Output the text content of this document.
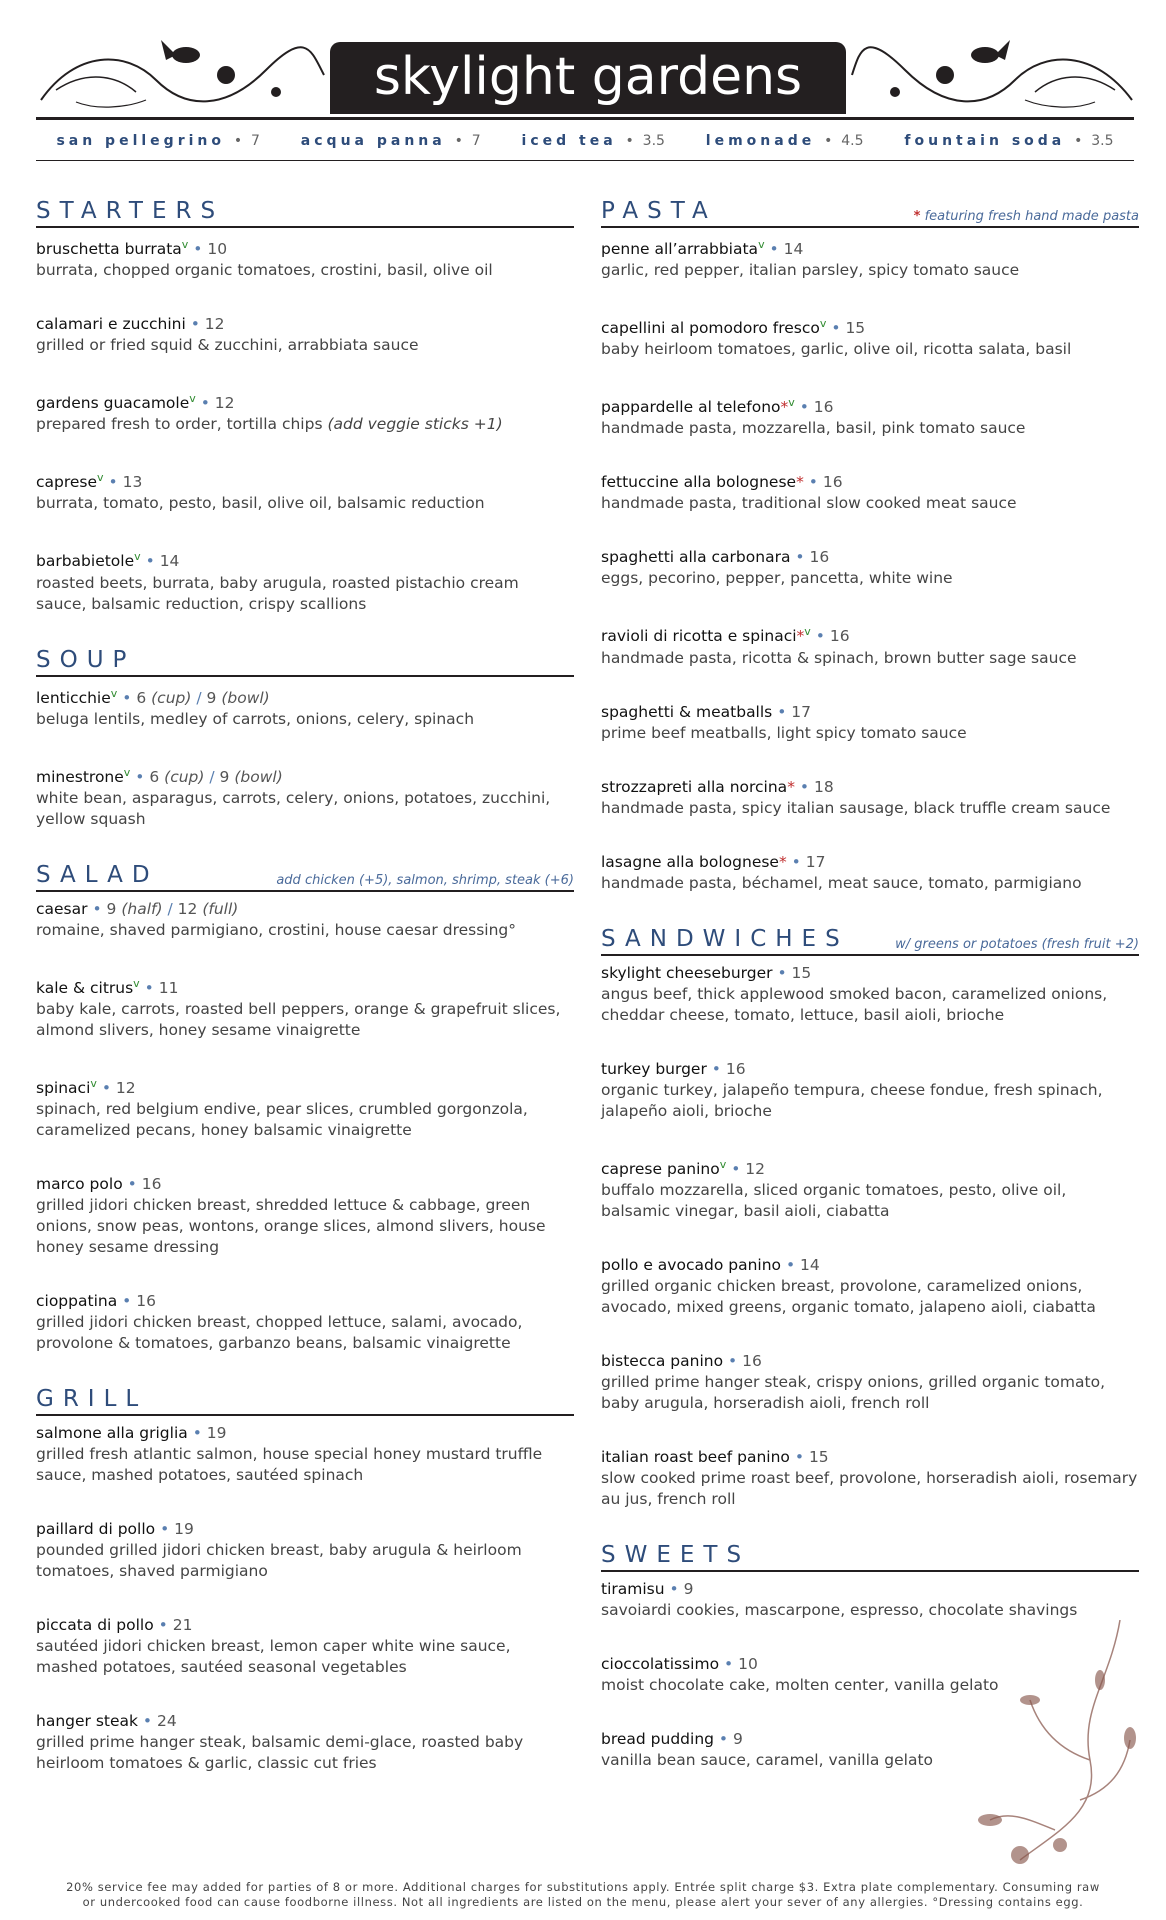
skylight gardens
san pellegrino • 7	acqua panna • 7	iced tea • 3.5	lemonade • 4.5	fountain soda • 3.5
STARTERS
bruschetta burrata$^v$ • 10
burrata, chopped organic tomatoes, crostini, basil, olive oil
calamari e zucchini • 12
grilled or fried squid & zucchini, arrabbiata sauce
gardens guacamole$^v$ • 12
prepared fresh to order, tortilla chips (add veggie sticks +1)
caprese$^v$ • 13
burrata, tomato, pesto, basil, olive oil, balsamic reduction
barbabietole$^v$ • 14
roasted beets, burrata, baby arugula, roasted pistachio cream sauce, balsamic reduction, crispy scallions
SOUP
lenticchie$^v$ • 6 (cup) / 9 (bowl)
beluga lentils, medley of carrots, onions, celery, spinach
minestrone$^v$ • 6 (cup) / 9 (bowl)
white bean, asparagus, carrots, celery, onions, potatoes, zucchini, yellow squash
SALAD	add chicken (+5), salmon, shrimp, steak (+6)
caesar • 9 (half) / 12 (full)
romaine, shaved parmigiano, crostini, house caesar dressing°
kale & citrus$^v$ • 11
baby kale, carrots, roasted bell peppers, orange & grapefruit slices, almond slivers, honey sesame vinaigrette
spinaci$^v$ • 12
spinach, red belgium endive, pear slices, crumbled gorgonzola, caramelized pecans, honey balsamic vinaigrette
marco polo • 16
grilled jidori chicken breast, shredded lettuce & cabbage, green onions, snow peas, wontons, orange slices, almond slivers, house honey sesame dressing
cioppatina • 16
grilled jidori chicken breast, chopped lettuce, salami, avocado, provolone & tomatoes, garbanzo beans, balsamic vinaigrette
GRILL
salmone alla griglia • 19
grilled fresh atlantic salmon, house special honey mustard truffle sauce, mashed potatoes, sautéed spinach
paillard di pollo • 19
pounded grilled jidori chicken breast, baby arugula & heirloom tomatoes, shaved parmigiano
piccata di pollo • 21
sautéed jidori chicken breast, lemon caper white wine sauce, mashed potatoes, sautéed seasonal vegetables
hanger steak • 24
grilled prime hanger steak, balsamic demi-glace, roasted baby heirloom tomatoes & garlic, classic cut fries
PASTA	* featuring fresh hand made pasta
penne all’arrabbiata$^v$ • 14
garlic, red pepper, italian parsley, spicy tomato sauce
capellini al pomodoro fresco$^v$ • 15
baby heirloom tomatoes, garlic, olive oil, ricotta salata, basil
pappardelle al telefono*$^v$ • 16
handmade pasta, mozzarella, basil, pink tomato sauce
fettuccine alla bolognese* • 16
handmade pasta, traditional slow cooked meat sauce
spaghetti alla carbonara • 16
eggs, pecorino, pepper, pancetta, white wine
ravioli di ricotta e spinaci*$^v$ • 16
handmade pasta, ricotta & spinach, brown butter sage sauce
spaghetti & meatballs • 17
prime beef meatballs, light spicy tomato sauce
strozzapreti alla norcina* • 18
handmade pasta, spicy italian sausage, black truffle cream sauce
lasagne alla bolognese* • 17
handmade pasta, béchamel, meat sauce, tomato, parmigiano
SANDWICHES	w/ greens or potatoes (fresh fruit +2)
skylight cheeseburger • 15
angus beef, thick applewood smoked bacon, caramelized onions, cheddar cheese, tomato, lettuce, basil aioli, brioche
turkey burger • 16
organic turkey, jalapeño tempura, cheese fondue, fresh spinach, jalapeño aioli, brioche
caprese panino$^v$ • 12
buffalo mozzarella, sliced organic tomatoes, pesto, olive oil, balsamic vinegar, basil aioli, ciabatta
pollo e avocado panino • 14
grilled organic chicken breast, provolone, caramelized onions, avocado, mixed greens, organic tomato, jalapeno aioli, ciabatta
bistecca panino • 16
grilled prime hanger steak, crispy onions, grilled organic tomato, baby arugula, horseradish aioli, french roll
italian roast beef panino • 15
slow cooked prime roast beef, provolone, horseradish aioli, rosemary au jus, french roll
SWEETS
tiramisu • 9
savoiardi cookies, mascarpone, espresso, chocolate shavings
cioccolatissimo • 10
moist chocolate cake, molten center, vanilla gelato
bread pudding • 9
vanilla bean sauce, caramel, vanilla gelato
20% service fee may added for parties of 8 or more. Additional charges for substitutions apply. Entrée split charge $3. Extra plate complementary. Consuming raw
or undercooked food can cause foodborne illness. Not all ingredients are listed on the menu, please alert your sever of any allergies. °Dressing contains egg.
